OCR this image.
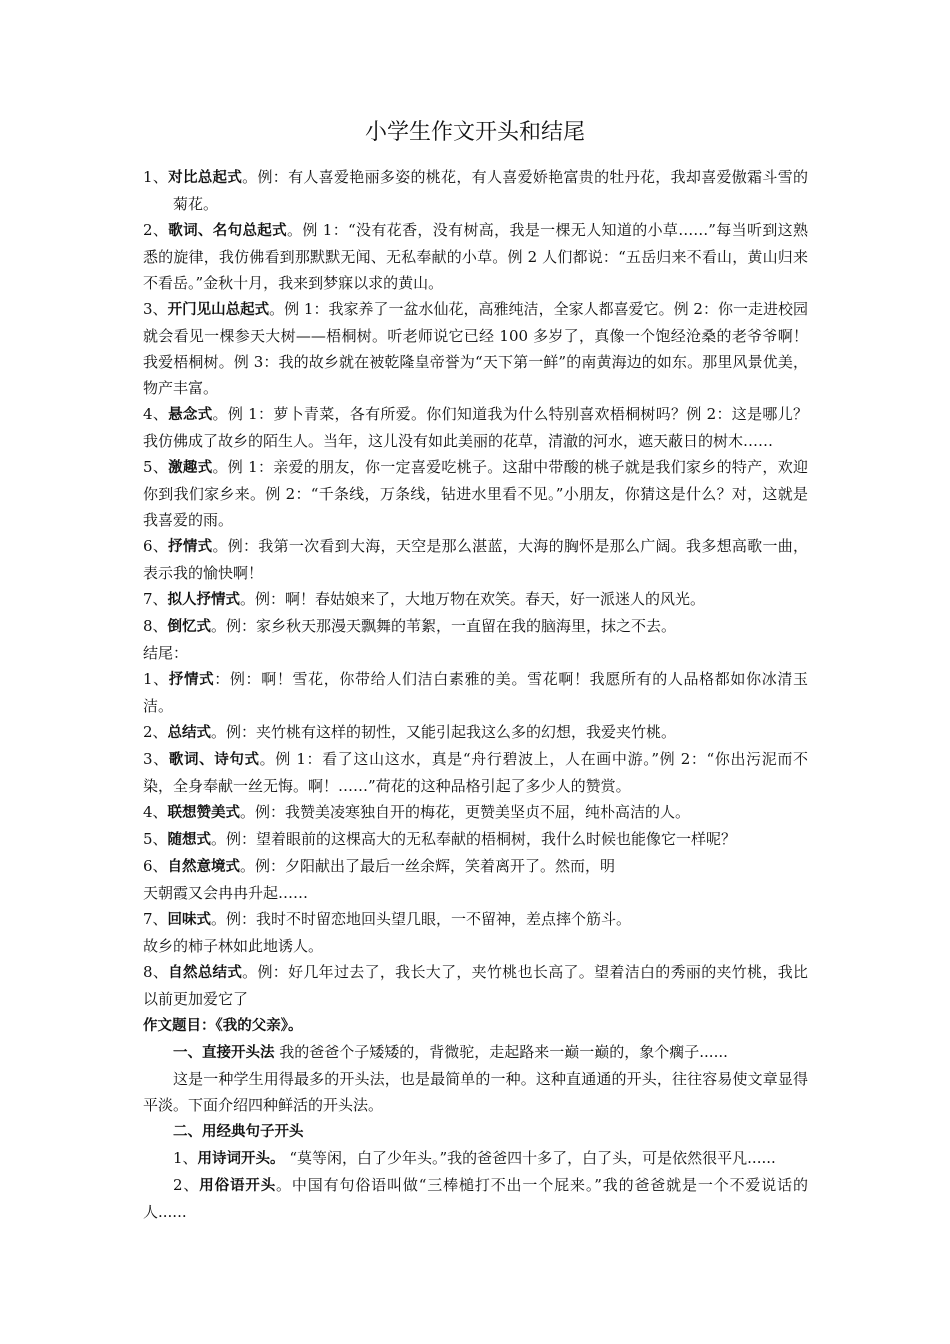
小学生作文开头和结尾

1、对比总起式。例：有人喜爱艳丽多姿的桃花，有人喜爱娇艳富贵的牡丹花，我却喜爱傲霜斗雪的菊花。

2、歌词、名句总起式。例 1：“没有花香，没有树高，我是一棵无人知道的小草……”每当听到这熟悉的旋律，我仿佛看到那默默无闻、无私奉献的小草。例 2 人们都说：“五岳归来不看山，黄山归来不看岳。”金秋十月，我来到梦寐以求的黄山。

3、开门见山总起式。例 1：我家养了一盆水仙花，高雅纯洁，全家人都喜爱它。例 2：你一走进校园就会看见一棵参天大树——梧桐树。听老师说它已经 100 多岁了，真像一个饱经沧桑的老爷爷啊！我爱梧桐树。例 3：我的故乡就在被乾隆皇帝誉为“天下第一鲜”的南黄海边的如东。那里风景优美，物产丰富。

4、悬念式。例 1：萝卜青菜，各有所爱。你们知道我为什么特别喜欢梧桐树吗？例 2：这是哪儿？我仿佛成了故乡的陌生人。当年，这儿没有如此美丽的花草，清澈的河水，遮天蔽日的树木……

5、激趣式。例 1：亲爱的朋友，你一定喜爱吃桃子。这甜中带酸的桃子就是我们家乡的特产，欢迎你到我们家乡来。例 2：“千条线，万条线，钻进水里看不见。”小朋友，你猜这是什么？对，这就是我喜爱的雨。

6、抒情式。例：我第一次看到大海，天空是那么湛蓝，大海的胸怀是那么广阔。我多想高歌一曲，表示我的愉快啊！

7、拟人抒情式。例：啊！春姑娘来了，大地万物在欢笑。春天，好一派迷人的风光。

8、倒忆式。例：家乡秋天那漫天飘舞的苇絮，一直留在我的脑海里，抹之不去。

结尾：

1、抒情式：例：啊！雪花，你带给人们洁白素雅的美。雪花啊！我愿所有的人品格都如你冰清玉洁。

2、总结式。例：夹竹桃有这样的韧性，又能引起我这么多的幻想，我爱夹竹桃。

3、歌词、诗句式。例 1：看了这山这水，真是“舟行碧波上，人在画中游。”例 2：“你出污泥而不染，全身奉献一丝无悔。啊！……”荷花的这种品格引起了多少人的赞赏。

4、联想赞美式。例：我赞美凌寒独自开的梅花，更赞美坚贞不屈，纯朴高洁的人。

5、随想式。例：望着眼前的这棵高大的无私奉献的梧桐树，我什么时候也能像它一样呢？

6、自然意境式。例：夕阳献出了最后一丝余辉，笑着离开了。然而，明

天朝霞又会冉冉升起……

7、回味式。例：我时不时留恋地回头望几眼，一不留神，差点摔个筋斗。

故乡的柿子林如此地诱人。

8、自然总结式。例：好几年过去了，我长大了，夹竹桃也长高了。望着洁白的秀丽的夹竹桃，我比以前更加爱它了

作文题目：《我的父亲》。

一、直接开头法 我的爸爸个子矮矮的，背微驼，走起路来一巅一巅的，象个瘸子......

这是一种学生用得最多的开头法，也是最简单的一种。这种直通通的开头，往往容易使文章显得平淡。下面介绍四种鲜活的开头法。

二、用经典句子开头

1、用诗词开头。 “莫等闲，白了少年头。”我的爸爸四十多了，白了头，可是依然很平凡......

2、用俗语开头。中国有句俗语叫做“三棒槌打不出一个屁来。”我的爸爸就是一个不爱说话的人......
